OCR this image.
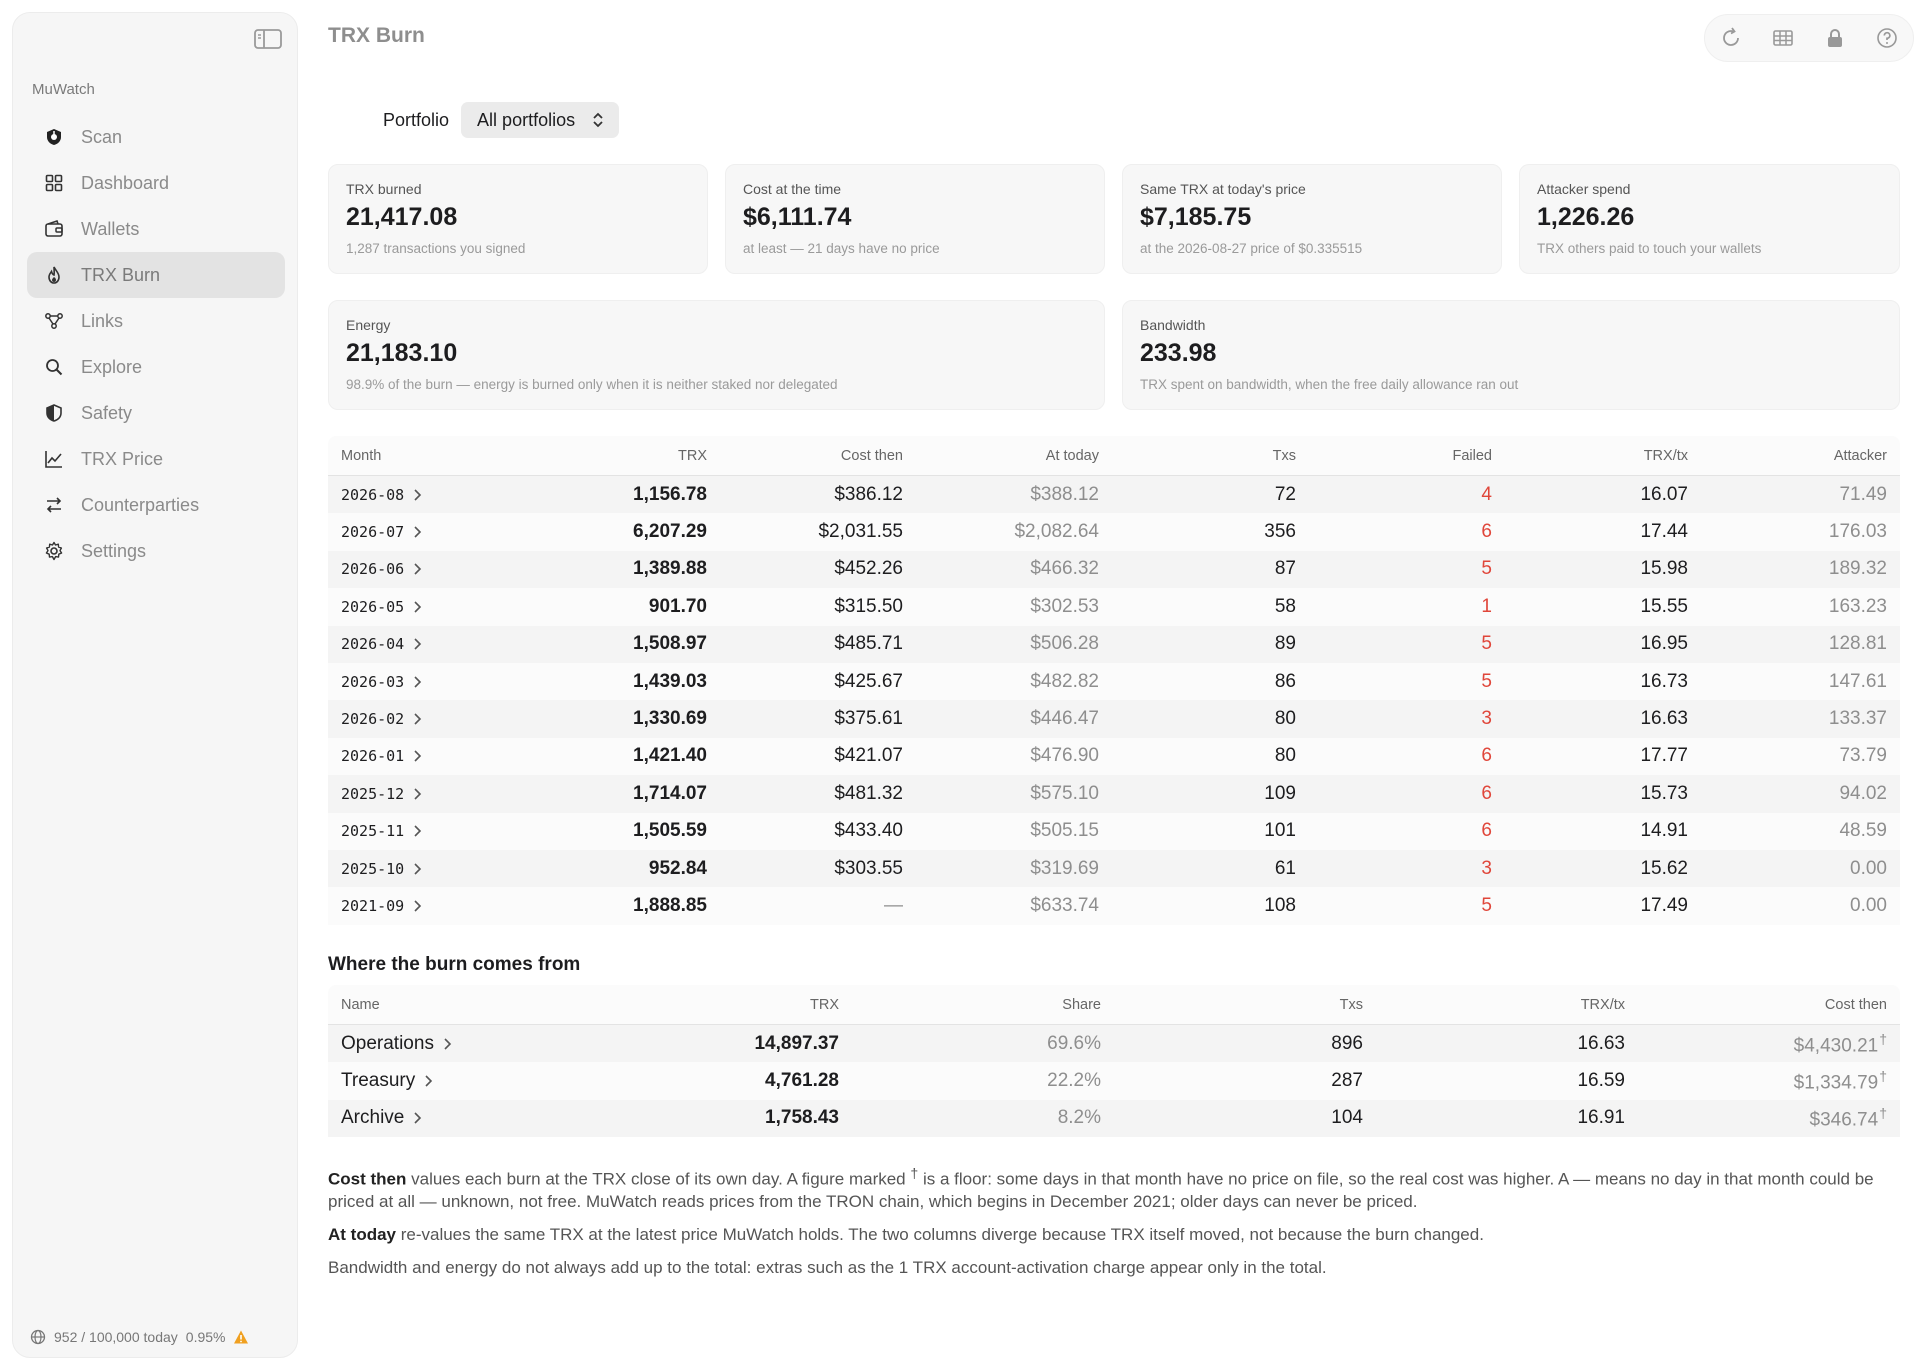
MuWatch
Scan
Dashboard
Wallets
TRX Burn
Links
Explore
Safety
TRX Price
Counterparties
Settings
952 / 100,000 today 0.95%
TRX Burn
Portfolio All portfolios
TRX burned
21,417.08
1,287 transactions you signed
Cost at the time
$6,111.74
at least — 21 days have no price
Same TRX at today's price
$7,185.75
at the 2026-08-27 price of $0.335515
Attacker spend
1,226.26
TRX others paid to touch your wallets
Energy
21,183.10
98.9% of the burn — energy is burned only when it is neither staked nor delegated
Bandwidth
233.98
TRX spent on bandwidth, when the free daily allowance ran out
Month	TRX	Cost then	At today	Txs	Failed	TRX/tx	Attacker
2026-08	1,156.78	$386.12	$388.12	72	4	16.07	71.49
2026-07	6,207.29	$2,031.55	$2,082.64	356	6	17.44	176.03
2026-06	1,389.88	$452.26	$466.32	87	5	15.98	189.32
2026-05	901.70	$315.50	$302.53	58	1	15.55	163.23
2026-04	1,508.97	$485.71	$506.28	89	5	16.95	128.81
2026-03	1,439.03	$425.67	$482.82	86	5	16.73	147.61
2026-02	1,330.69	$375.61	$446.47	80	3	16.63	133.37
2026-01	1,421.40	$421.07	$476.90	80	6	17.77	73.79
2025-12	1,714.07	$481.32	$575.10	109	6	15.73	94.02
2025-11	1,505.59	$433.40	$505.15	101	6	14.91	48.59
2025-10	952.84	$303.55	$319.69	61	3	15.62	0.00
2021-09	1,888.85	—	$633.74	108	5	17.49	0.00
Where the burn comes from
Name	TRX	Share	Txs	TRX/tx	Cost then
Operations	14,897.37	69.6%	896	16.63	$4,430.21†
Treasury	4,761.28	22.2%	287	16.59	$1,334.79†
Archive	1,758.43	8.2%	104	16.91	$346.74†

Cost then values each burn at the TRX close of its own day. A figure marked † is a floor: some days in that month have no price on file, so the real cost was higher. A — means no day in that month could be priced at all — unknown, not free. MuWatch reads prices from the TRON chain, which begins in December 2021; older days can never be priced.

At today re-values the same TRX at the latest price MuWatch holds. The two columns diverge because TRX itself moved, not because the burn changed.

Bandwidth and energy do not always add up to the total: extras such as the 1 TRX account-activation charge appear only in the total.
